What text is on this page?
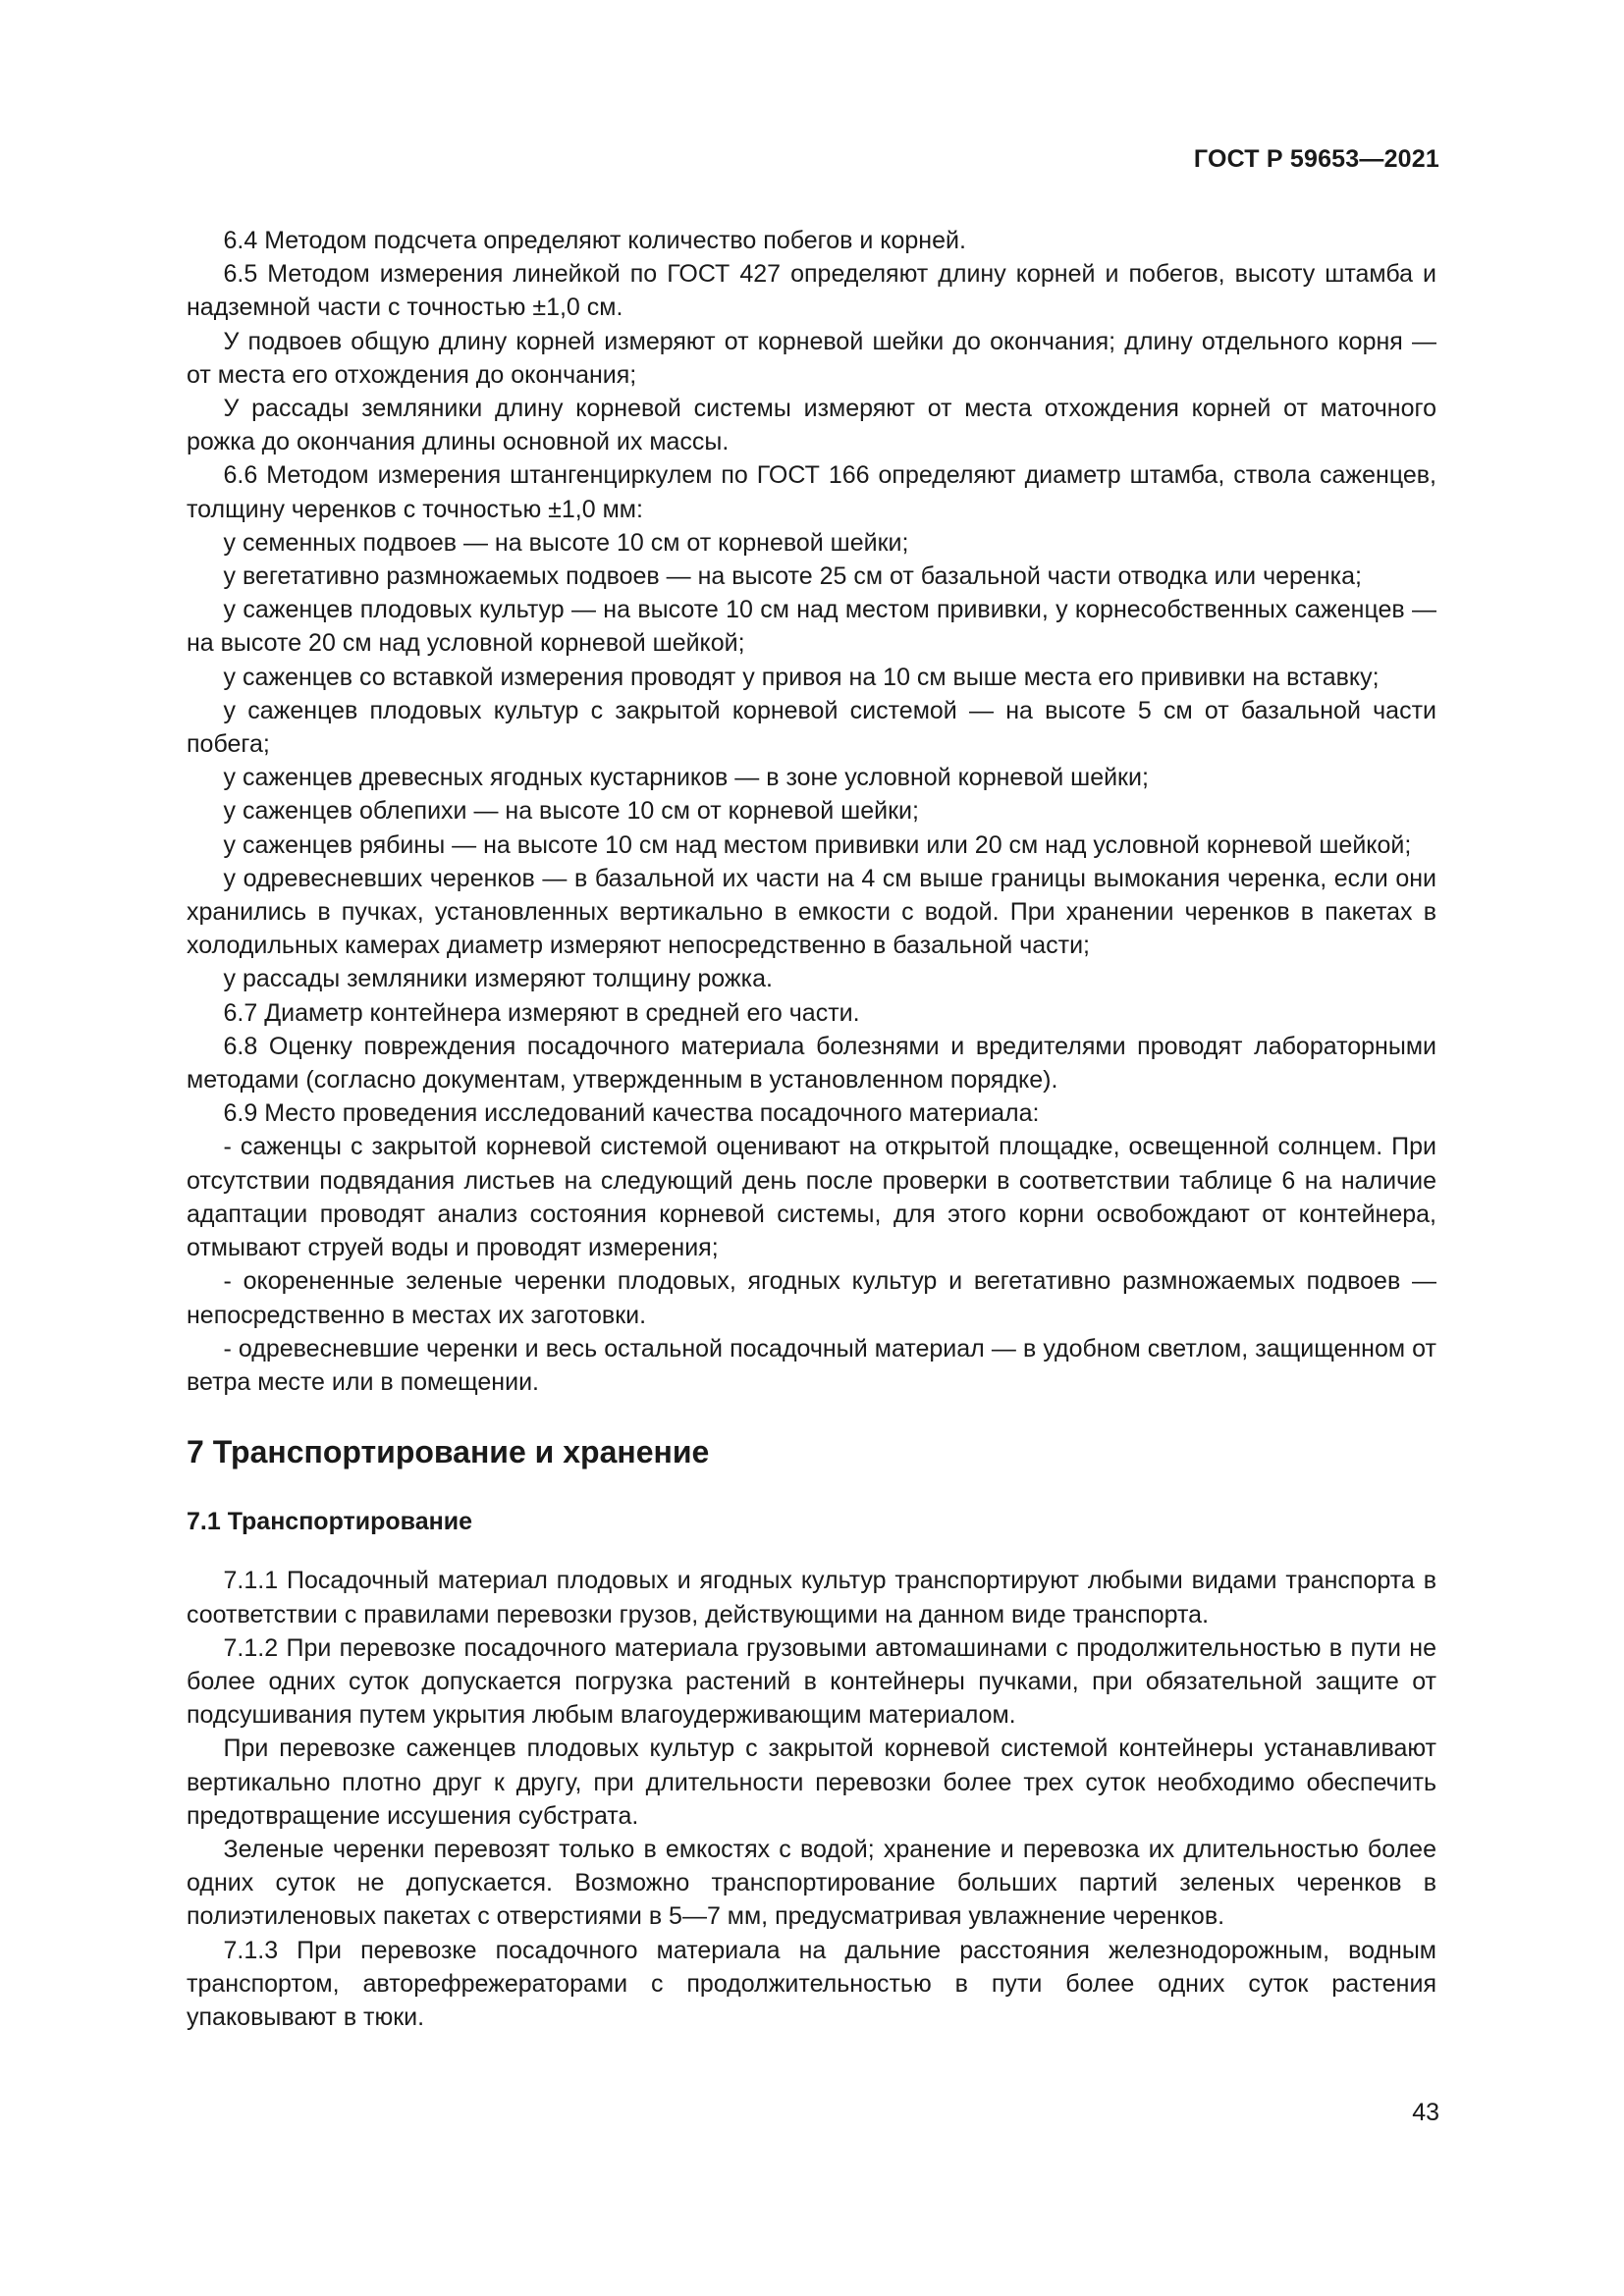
ГОСТ Р 59653—2021

6.4 Методом подсчета определяют количество побегов и корней.

6.5 Методом измерения линейкой по ГОСТ 427 определяют длину корней и побегов, высоту штамба и надземной части с точностью ±1,0 см.

У подвоев общую длину корней измеряют от корневой шейки до окончания; длину отдельного корня — от места его отхождения до окончания;

У рассады земляники длину корневой системы измеряют от места отхождения корней от маточного рожка до окончания длины основной их массы.

6.6 Методом измерения штангенциркулем по ГОСТ 166 определяют диаметр штамба, ствола саженцев, толщину черенков с точностью ±1,0 мм:

у семенных подвоев — на высоте 10 см от корневой шейки;

у вегетативно размножаемых подвоев — на высоте 25 см от базальной части отводка или черенка;

у саженцев плодовых культур — на высоте 10 см над местом прививки, у корнесобственных саженцев — на высоте 20 см над условной корневой шейкой;

у саженцев со вставкой измерения проводят у привоя на 10 см выше места его прививки на вставку;

у саженцев плодовых культур с закрытой корневой системой — на высоте 5 см от базальной части побега;

у саженцев древесных ягодных кустарников — в зоне условной корневой шейки;

у саженцев облепихи — на высоте 10 см от корневой шейки;

у саженцев рябины — на высоте 10 см над местом прививки или 20 см над условной корневой шейкой;

у одревесневших черенков — в базальной их части на 4 см выше границы вымокания черенка, если они хранились в пучках, установленных вертикально в емкости с водой. При хранении черенков в пакетах в холодильных камерах диаметр измеряют непосредственно в базальной части;

у рассады земляники измеряют толщину рожка.

6.7 Диаметр контейнера измеряют в средней его части.

6.8 Оценку повреждения посадочного материала болезнями и вредителями проводят лабораторными методами (согласно документам, утвержденным в установленном порядке).

6.9 Место проведения исследований качества посадочного материала:

- саженцы с закрытой корневой системой оценивают на открытой площадке, освещенной солнцем. При отсутствии подвядания листьев на следующий день после проверки в соответствии таблице 6 на наличие адаптации проводят анализ состояния корневой системы, для этого корни освобождают от контейнера, отмывают струей воды и проводят измерения;

- окорененные зеленые черенки плодовых, ягодных культур и вегетативно размножаемых подвоев — непосредственно в местах их заготовки.

- одревесневшие черенки и весь остальной посадочный материал — в удобном светлом, защищенном от ветра месте или в помещении.

7 Транспортирование и хранение
7.1 Транспортирование

7.1.1 Посадочный материал плодовых и ягодных культур транспортируют любыми видами транспорта в соответствии с правилами перевозки грузов, действующими на данном виде транспорта.

7.1.2 При перевозке посадочного материала грузовыми автомашинами с продолжительностью в пути не более одних суток допускается погрузка растений в контейнеры пучками, при обязательной защите от подсушивания путем укрытия любым влагоудерживающим материалом.

При перевозке саженцев плодовых культур с закрытой корневой системой контейнеры устанавливают вертикально плотно друг к другу, при длительности перевозки более трех суток необходимо обеспечить предотвращение иссушения субстрата.

Зеленые черенки перевозят только в емкостях с водой; хранение и перевозка их длительностью более одних суток не допускается. Возможно транспортирование больших партий зеленых черенков в полиэтиленовых пакетах с отверстиями в 5—7 мм, предусматривая увлажнение черенков.

7.1.3 При перевозке посадочного материала на дальние расстояния железнодорожным, водным транспортом, авторефрежераторами с продолжительностью в пути более одних суток растения упаковывают в тюки.

43
